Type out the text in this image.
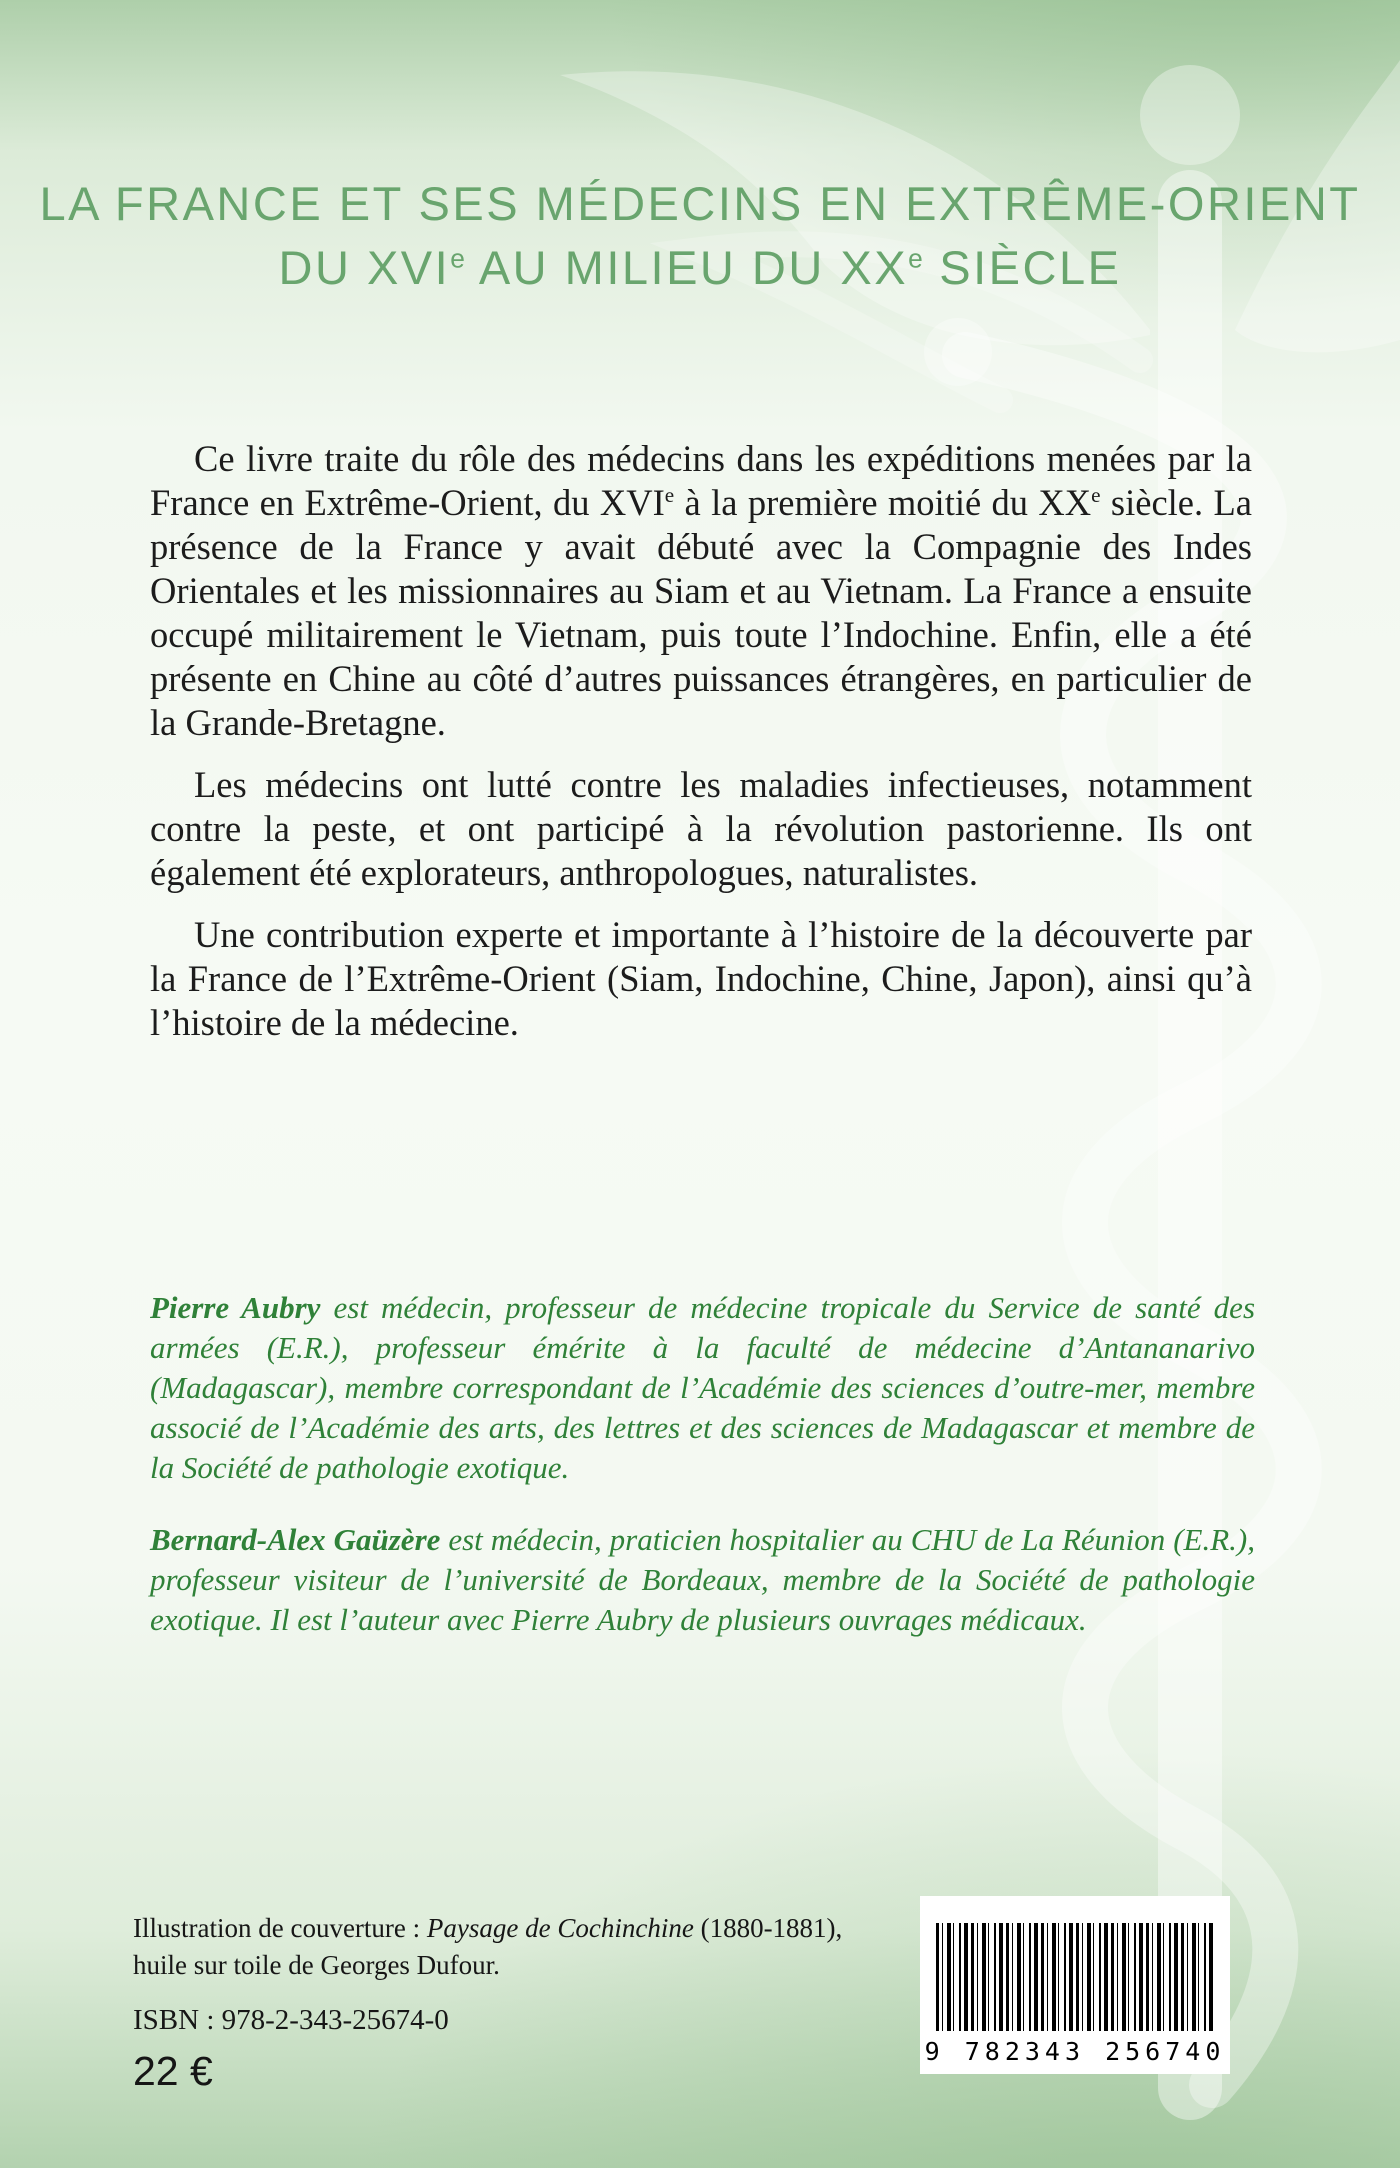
LA FRANCE ET SES MÉDECINS EN EXTRÊME-ORIENT
DU XVIe AU MILIEU DU XXe SIÈCLE

Ce livre traite du rôle des médecins dans les expéditions menées par la France en Extrême-Orient, du XVIe à la première moitié du XXe siècle. La présence de la France y avait débuté avec la Compagnie des Indes Orientales et les missionnaires au Siam et au Vietnam. La France a ensuite occupé militairement le Vietnam, puis toute l’Indochine. Enfin, elle a été présente en Chine au côté d’autres puissances étrangères, en particulier de la Grande-Bretagne.

Les médecins ont lutté contre les maladies infectieuses, notamment contre la peste, et ont participé à la révolution pastorienne. Ils ont également été explorateurs, anthropologues, naturalistes.

Une contribution experte et importante à l’histoire de la découverte par la France de l’Extrême-Orient (Siam, Indochine, Chine, Japon), ainsi qu’à l’histoire de la médecine.

Pierre Aubry est médecin, professeur de médecine tropicale du Service de santé des armées (E.R.), professeur émérite à la faculté de médecine d’Antananarivo (Madagascar), membre correspondant de l’Académie des sciences d’outre-mer, membre associé de l’Académie des arts, des lettres et des sciences de Madagascar et membre de la Société de pathologie exotique.

Bernard-Alex Gaüzère est médecin, praticien hospitalier au CHU de La Réunion (E.R.), professeur visiteur de l’université de Bordeaux, membre de la Société de pathologie exotique. Il est l’auteur avec Pierre Aubry de plusieurs ouvrages médicaux.

Illustration de couverture : Paysage de Cochinchine (1880-1881),
huile sur toile de Georges Dufour.
ISBN : 978-2-343-25674-0
22 €	9 782343 256740
